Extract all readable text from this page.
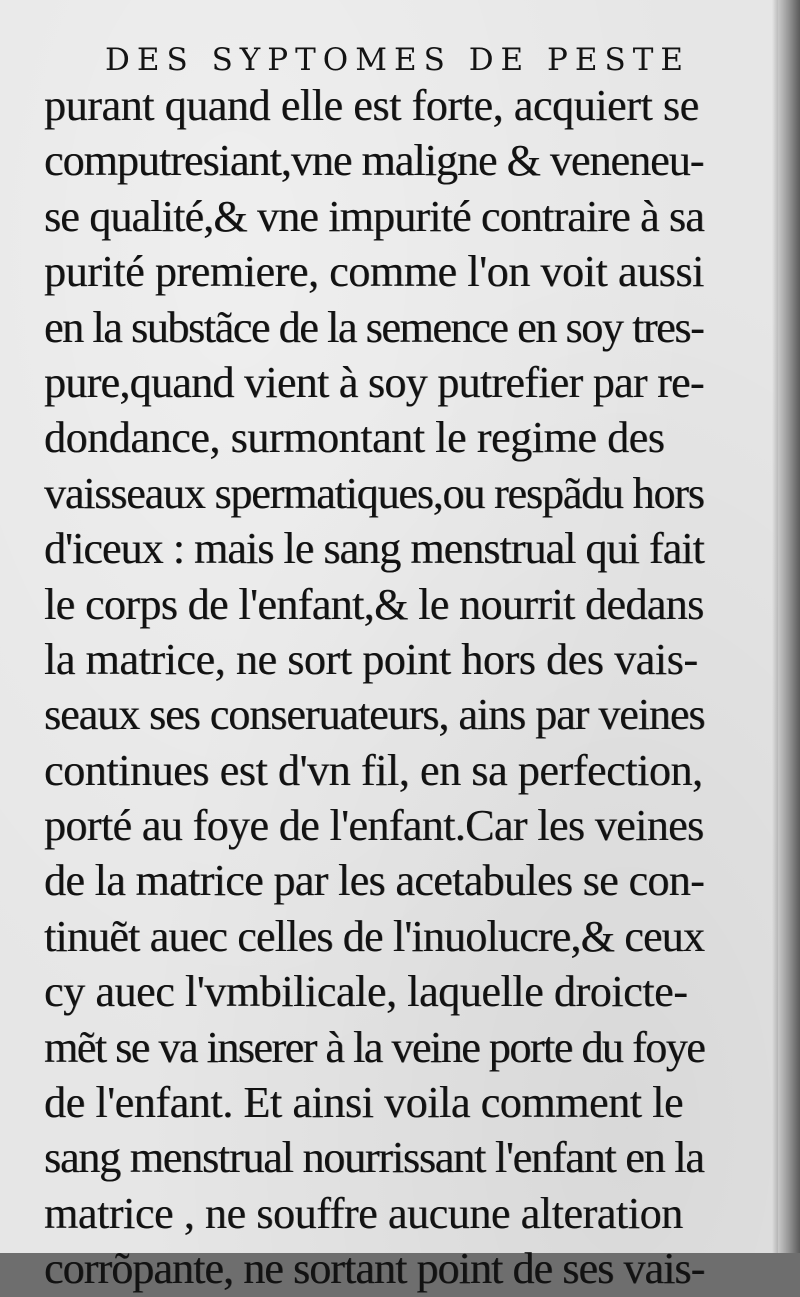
DES SYPTOMES DE PESTE
purant quand elle est forte, acquiert se
computresiant,vne maligne & veneneu-
se qualité,& vne impurité contraire à sa
purité premiere, comme l'on voit aussi
en la substãce de la semence en soy tres-
pure,quand vient à soy putrefier par re-
dondance, surmontant le regime des
vaisseaux spermatiques,ou respãdu hors
d'iceux : mais le sang menstrual qui fait
le corps de l'enfant,& le nourrit dedans
la matrice, ne sort point hors des vais-
seaux ses conseruateurs, ains par veines
continues est d'vn fil, en sa perfection,
porté au foye de l'enfant.Car les veines
de la matrice par les acetabules se con-
tinuẽt auec celles de l'inuolucre,& ceux
cy auec l'vmbilicale, laquelle droicte-
mẽt se va inserer à la veine porte du foye
de l'enfant. Et ainsi voila comment le
sang menstrual nourrissant l'enfant en la
matrice , ne souffre aucune alteration
corrõpante, ne sortant point de ses vais-
